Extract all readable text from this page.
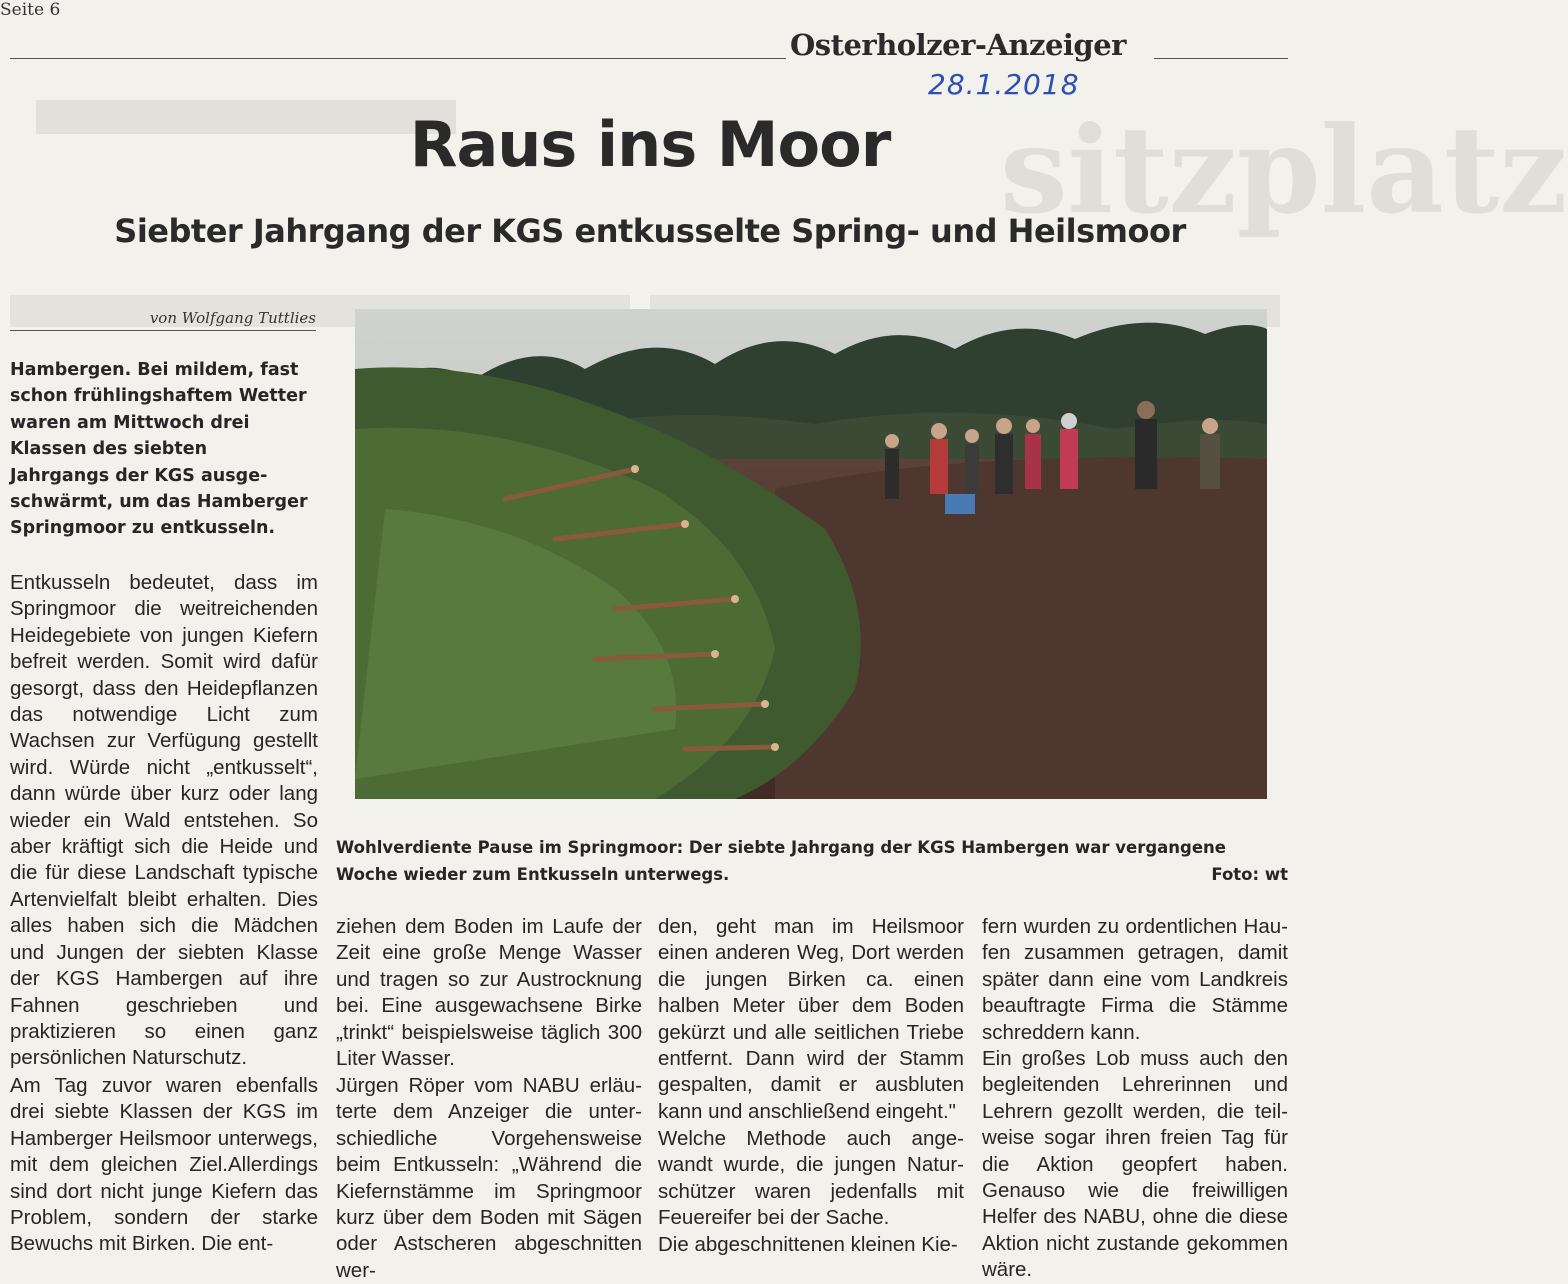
sitzplatz
Seite 6
Osterholzer-Anzeiger
28.1.2018
Raus ins Moor
Siebter Jahrgang der KGS entkusselte Spring- und Heilsmoor
von Wolfgang Tuttlies
Hambergen. Bei mildem, fast schon frühlingshaftem Wetter waren am Mittwoch drei Klassen des siebten Jahrgangs der KGS ausgeschwärmt, um das Hamberger Springmoor zu entkusseln.
Entkusseln bedeutet, dass im Springmoor die weitreichenden Heidegebiete von jungen Kiefern befreit werden. Somit wird dafür gesorgt, dass den Heidepflanzen das notwendige Licht zum Wachsen zur Verfügung gestellt wird. Würde nicht „entkusselt“, dann würde über kurz oder lang wieder ein Wald entstehen. So aber kräftigt sich die Heide und die für diese Landschaft typische Artenvielfalt bleibt erhalten. Dies alles haben sich die Mädchen und Jungen der siebten Klasse der KGS Hambergen auf ihre Fahnen geschrieben und praktizieren so einen ganz persönlichen Naturschutz.
Am Tag zuvor waren ebenfalls drei siebte Klassen der KGS im Hamberger Heilsmoor unterwegs, mit dem gleichen Ziel.Allerdings sind dort nicht junge Kiefern das Problem, sondern der starke Bewuchs mit Birken. Die ent-
Wohlverdiente Pause im Springmoor: Der siebte Jahrgang der KGS Hambergen war vergangene Woche wieder zum Entkusseln unterwegs.	Foto: wt
ziehen dem Boden im Laufe der Zeit eine große Menge Wasser und tragen so zur Austrocknung bei. Eine ausgewachsene Birke „trinkt“ beispielsweise täglich 300 Liter Wasser.
Jürgen Röper vom NABU erläuterte dem Anzeiger die unterschiedliche Vorgehensweise beim Entkusseln: „Während die Kiefernstämme im Springmoor kurz über dem Boden mit Sägen oder Astscheren abgeschnitten wer-
den, geht man im Heilsmoor einen anderen Weg, Dort werden die jungen Birken ca. einen halben Meter über dem Boden gekürzt und alle seitlichen Triebe entfernt. Dann wird der Stamm gespalten, damit er ausbluten kann und anschließend eingeht."
Welche Methode auch angewandt wurde, die jungen Naturschützer waren jedenfalls mit Feuereifer bei der Sache.
Die abgeschnittenen kleinen Kie-
fern wurden zu ordentlichen Haufen zusammen getragen, damit später dann eine vom Landkreis beauftragte Firma die Stämme schreddern kann.
Ein großes Lob muss auch den begleitenden Lehrerinnen und Lehrern gezollt werden, die teilweise sogar ihren freien Tag für die Aktion geopfert haben. Genauso wie die freiwilligen Helfer des NABU, ohne die diese Aktion nicht zustande gekommen wäre.
